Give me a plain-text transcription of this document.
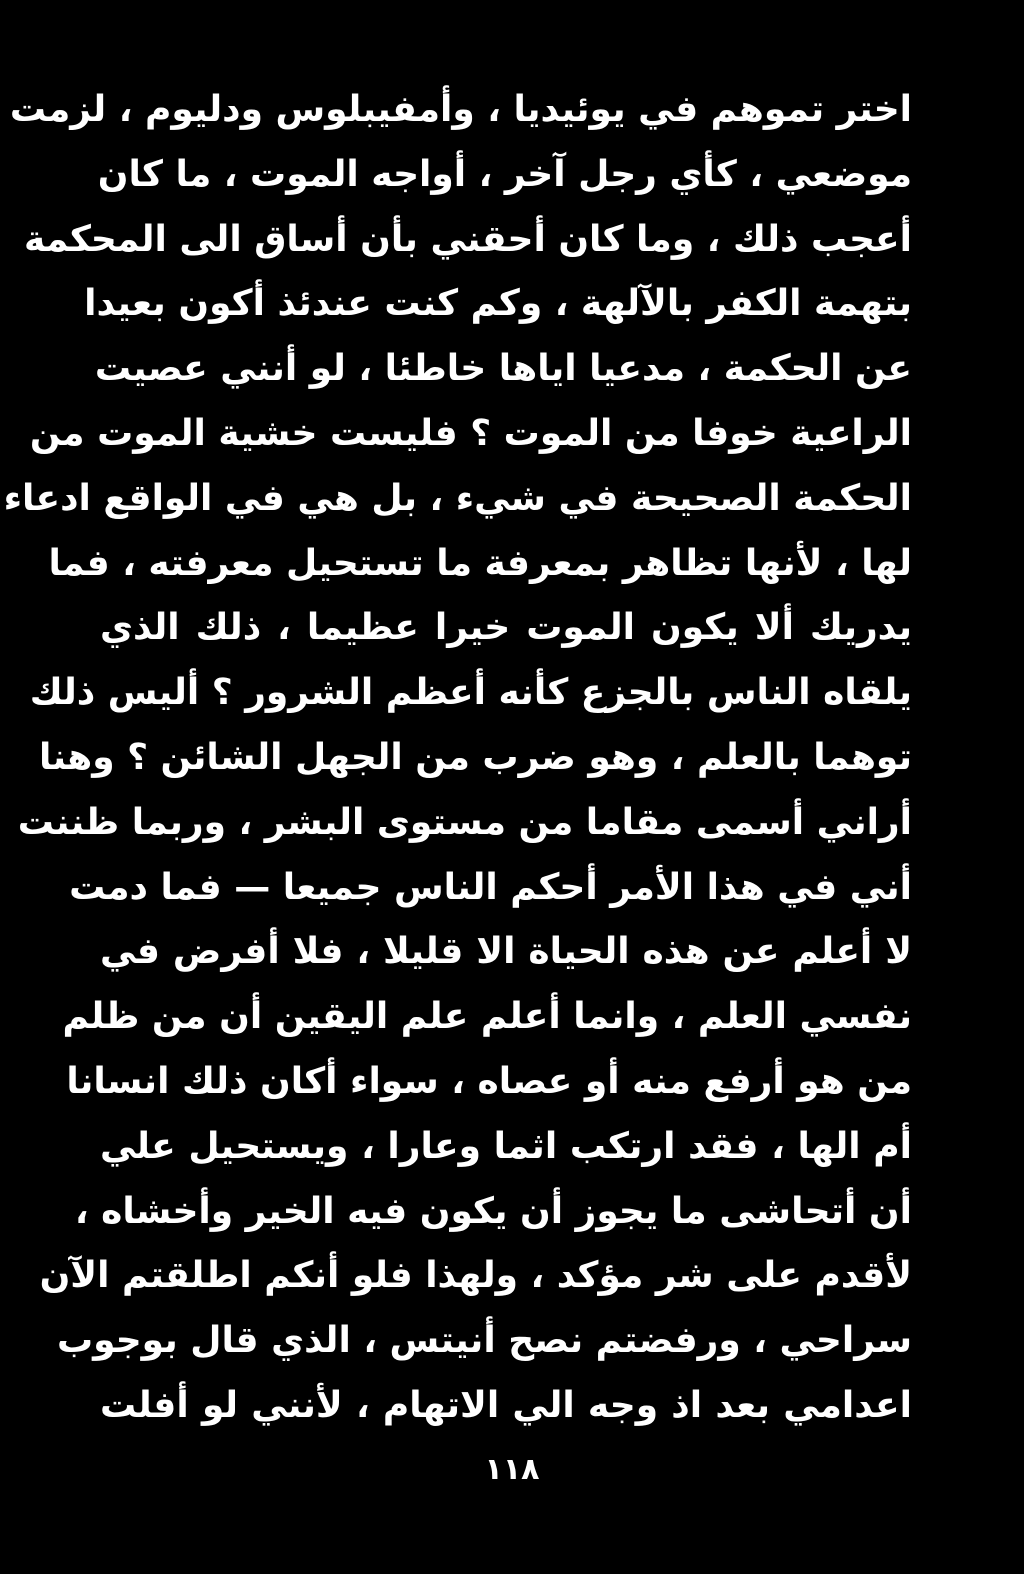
اختر تموهم في يوئيديا ، وأمفيبلوس ودليوم ، لزمت
موضعي ، كأي رجل آخر ، أواجه الموت ، ما كان
أعجب ذلك ، وما كان أحقني بأن أساق الى المحكمة
بتهمة الكفر بالآلهة ، وكم كنت عندئذ أكون بعيدا
عن الحكمة ، مدعيا اياها خاطئا ، لو أنني عصيت
الراعية خوفا من الموت ؟ فليست خشية الموت من
الحكمة الصحيحة في شيء ، بل هي في الواقع ادعاء
لها ، لأنها تظاهر بمعرفة ما تستحيل معرفته ، فما
يدريك ألا يكون الموت خيرا عظيما ، ذلك الذي
يلقاه الناس بالجزع كأنه أعظم الشرور ؟ أليس ذلك
توهما بالعلم ، وهو ضرب من الجهل الشائن ؟ وهنا
أراني أسمى مقاما من مستوى البشر ، وربما ظننت
أني في هذا الأمر أحكم الناس جميعا — فما دمت
لا أعلم عن هذه الحياة الا قليلا ، فلا أفرض في
نفسي العلم ، وانما أعلم علم اليقين أن من ظلم
من هو أرفع منه أو عصاه ، سواء أكان ذلك انسانا
أم الها ، فقد ارتكب اثما وعارا ، ويستحيل علي
أن أتحاشى ما يجوز أن يكون فيه الخير وأخشاه ،
لأقدم على شر مؤكد ، ولهذا فلو أنكم اطلقتم الآن
سراحي ، ورفضتم نصح أنيتس ، الذي قال بوجوب
اعدامي بعد اذ وجه الي الاتهام ، لأنني لو أفلت
١١٨
